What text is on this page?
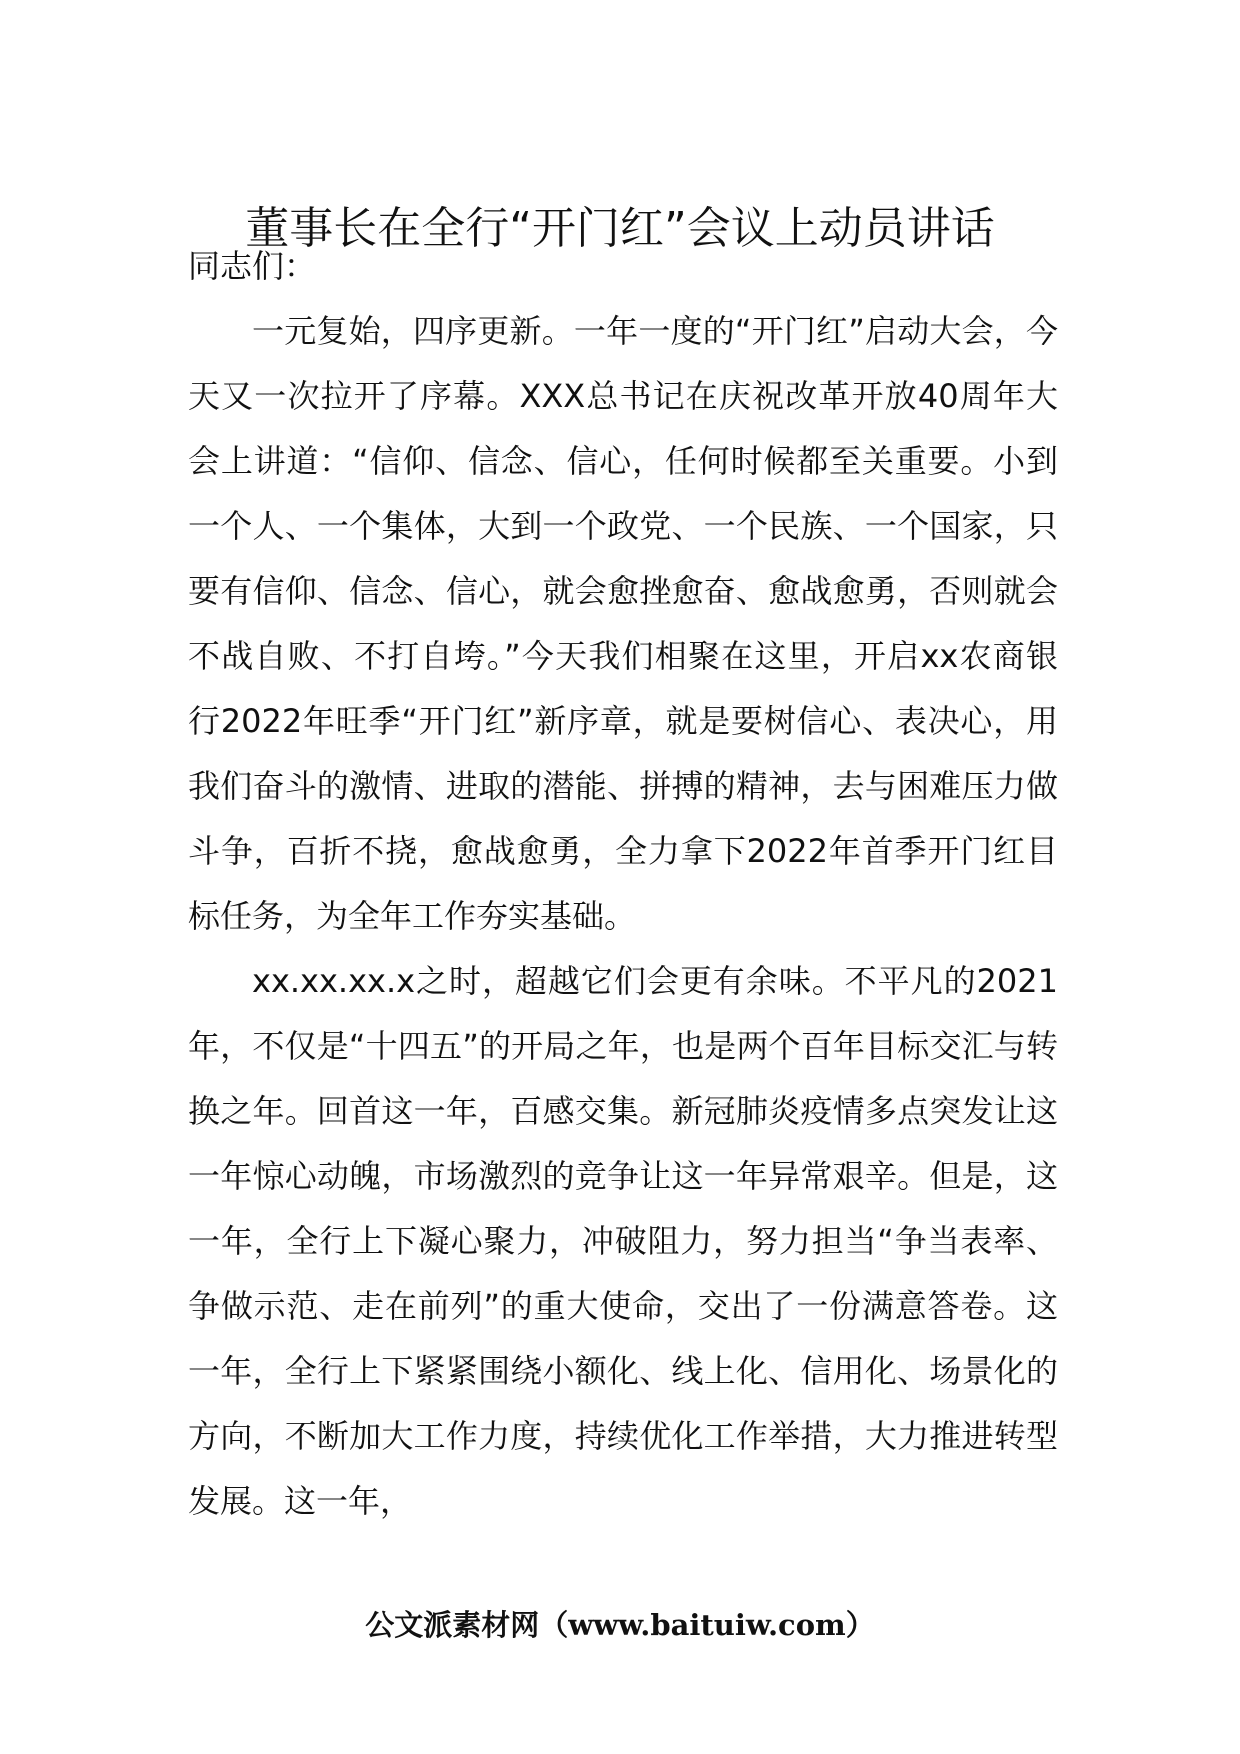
董事长在全行“开门红”会议上动员讲话

同志们：

一元复始，四序更新。一年一度的“开门红”启动大会，今天又一次拉开了序幕。XXX总书记在庆祝改革开放40周年大会上讲道：“信仰、信念、信心，任何时候都至关重要。小到一个人、一个集体，大到一个政党、一个民族、一个国家，只要有信仰、信念、信心，就会愈挫愈奋、愈战愈勇，否则就会不战自败、不打自垮。”今天我们相聚在这里，开启xx农商银行2022年旺季“开门红”新序章，就是要树信心、表决心，用我们奋斗的激情、进取的潜能、拼搏的精神，去与困难压力做斗争，百折不挠，愈战愈勇，全力拿下2022年首季开门红目标任务，为全年工作夯实基础。

xx.xx.xx.x之时，超越它们会更有余味。不平凡的2021年，不仅是“十四五”的开局之年，也是两个百年目标交汇与转换之年。回首这一年，百感交集。新冠肺炎疫情多点突发让这一年惊心动魄，市场激烈的竞争让这一年异常艰辛。但是，这一年，全行上下凝心聚力，冲破阻力，努力担当“争当表率、争做示范、走在前列”的重大使命，交出了一份满意答卷。这一年，全行上下紧紧围绕小额化、线上化、信用化、场景化的方向，不断加大工作力度，持续优化工作举措，大力推进转型发展。这一年，

公文派素材网（www.baituiw.com）
